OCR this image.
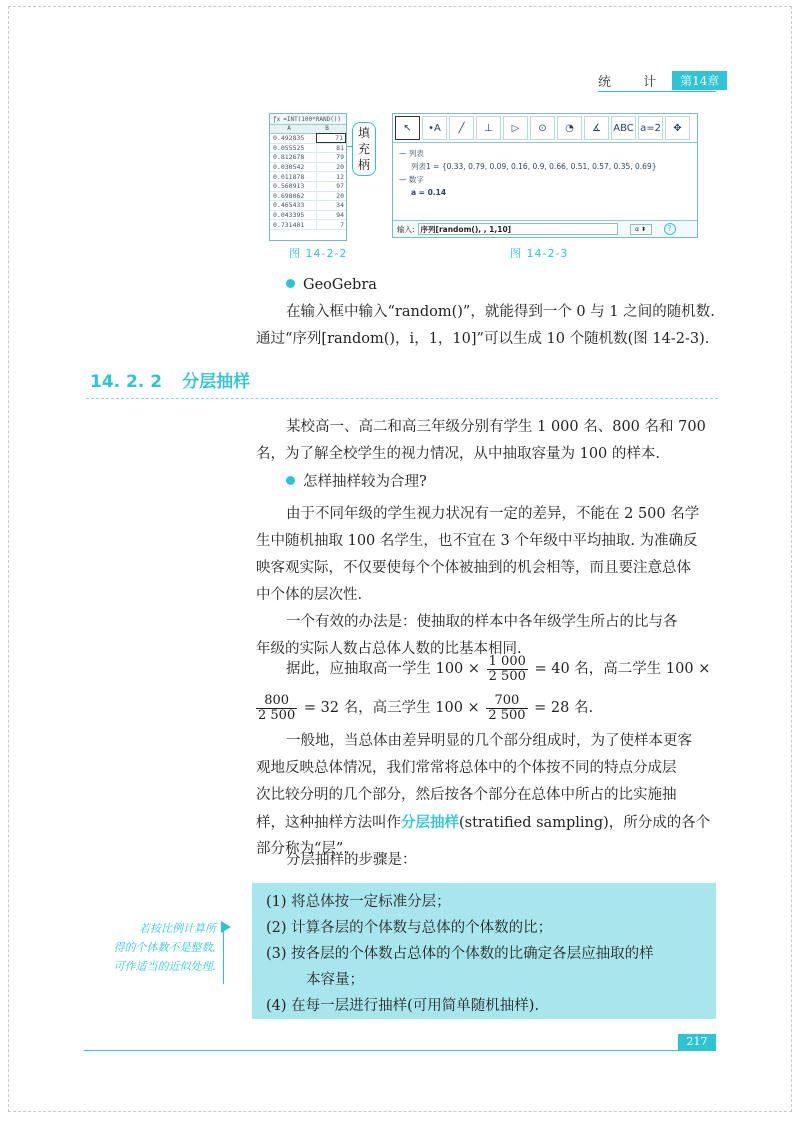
统 计 第14章
ƒx =INT(100*RAND())
A	B
0.492835	71
0.055525	81
0.812678	79
0.030542	20
0.011878	12
0.560913	97
0.698062	20
0.465433	34
0.043395	94
0.731401	7
填充柄
↖	•A	╱	⊥	▷	⊙	◔	∡	ABC a=2	✥
— 列表
列表1 = {0.33, 0.79, 0.09, 0.16, 0.9, 0.66, 0.51, 0.57, 0.35, 0.69}
— 数字
a = 0.14
输入: 序列[random(), , 1,10]	α ⬍	?
图 14-2-2	图 14-2-3
GeoGebra
在输入框中输入“random()”，就能得到一个 0 与 1 之间的随机数.
通过“序列[random()，i，1，10]”可以生成 10 个随机数(图 14-2-3).
14. 2. 2 分层抽样
某校高一、高二和高三年级分别有学生 1 000 名、800 名和 700
名，为了解全校学生的视力情况，从中抽取容量为 100 的样本.
怎样抽样较为合理?
由于不同年级的学生视力状况有一定的差异，不能在 2 500 名学
生中随机抽取 100 名学生，也不宜在 3 个年级中平均抽取. 为准确反
映客观实际，不仅要使每个个体被抽到的机会相等，而且要注意总体
中个体的层次性.
一个有效的办法是：使抽取的样本中各年级学生所占的比与各
年级的实际人数占总体人数的比基本相同.
据此，应抽取高一学生 $100 \times \frac{1 000}{2 500} = 40$ 名，高二学生 100 ×
$\frac{800}{2 500} = 32$ 名，高三学生 $100 \times \frac{700}{2 500} = 28$ 名.
一般地，当总体由差异明显的几个部分组成时，为了使样本更客
观地反映总体情况，我们常常将总体中的个体按不同的特点分成层
次比较分明的几个部分，然后按各个部分在总体中所占的比实施抽
样，这种抽样方法叫作分层抽样(stratified sampling)，所分成的各个
部分称为“层”.
分层抽样的步骤是：
(1) 将总体按一定标准分层；
(2) 计算各层的个体数与总体的个体数的比；
(3) 按各层的个体数占总体的个体数的比确定各层应抽取的样
本容量；
(4) 在每一层进行抽样(可用简单随机抽样).
若按比例计算所
得的个体数不是整数,
可作适当的近似处理.
217
